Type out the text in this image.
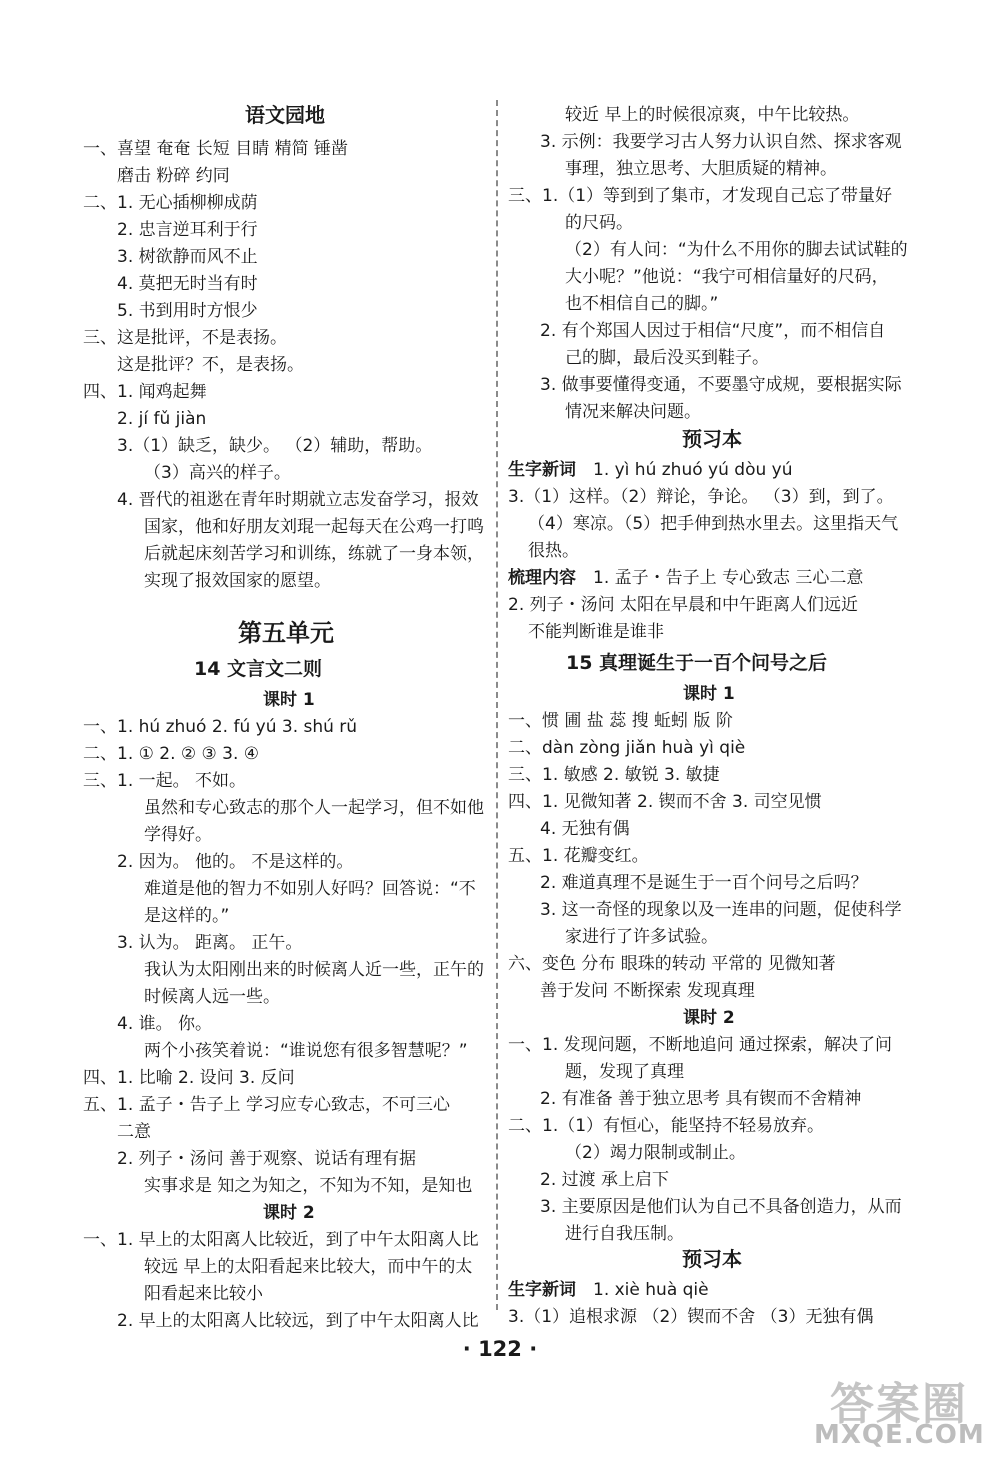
语文园地
一、喜望 奄奄 长短 目睛 精简 锤凿
磨击 粉碎 约同
二、1. 无心插柳柳成荫
2. 忠言逆耳利于行
3. 树欲静而风不止
4. 莫把无时当有时
5. 书到用时方恨少
三、这是批评，不是表扬。
这是批评？不，是表扬。
四、1. 闻鸡起舞
2. jí fǔ jiàn
3.（1）缺乏，缺少。 （2）辅助，帮助。
（3）高兴的样子。
4. 晋代的祖逖在青年时期就立志发奋学习，报效
国家，他和好朋友刘琨一起每天在公鸡一打鸣
后就起床刻苦学习和训练，练就了一身本领，
实现了报效国家的愿望。
第五单元
14 文言文二则
课时 1
一、1. hú zhuó 2. fú yú 3. shú rǔ
二、1. ① 2. ② ③ 3. ④
三、1. 一起。 不如。
虽然和专心致志的那个人一起学习，但不如他
学得好。
2. 因为。 他的。 不是这样的。
难道是他的智力不如别人好吗？回答说：“不
是这样的。”
3. 认为。 距离。 正午。
我认为太阳刚出来的时候离人近一些，正午的
时候离人远一些。
4. 谁。 你。
两个小孩笑着说：“谁说您有很多智慧呢？”
四、1. 比喻 2. 设问 3. 反问
五、1. 孟子・告子上 学习应专心致志，不可三心
二意
2. 列子・汤问 善于观察、说话有理有据
实事求是 知之为知之，不知为不知，是知也
课时 2
一、1. 早上的太阳离人比较近，到了中午太阳离人比
较远 早上的太阳看起来比较大，而中午的太
阳看起来比较小
2. 早上的太阳离人比较远，到了中午太阳离人比
较近 早上的时候很凉爽，中午比较热。
3. 示例：我要学习古人努力认识自然、探求客观
事理，独立思考、大胆质疑的精神。
三、1.（1）等到到了集市，才发现自己忘了带量好
的尺码。
（2）有人问：“为什么不用你的脚去试试鞋的
大小呢？”他说：“我宁可相信量好的尺码，
也不相信自己的脚。”
2. 有个郑国人因过于相信“尺度”，而不相信自
己的脚，最后没买到鞋子。
3. 做事要懂得变通，不要墨守成规，要根据实际
情况来解决问题。
预习本
生字新词 1. yì hú zhuó yú dòu yú
3.（1）这样。（2）辩论，争论。 （3）到，到了。
（4）寒凉。（5）把手伸到热水里去。这里指天气
很热。
梳理内容 1. 孟子・告子上 专心致志 三心二意
2. 列子・汤问 太阳在早晨和中午距离人们远近
不能判断谁是谁非
15 真理诞生于一百个问号之后
课时 1
一、惯 圃 盐 蕊 搜 蚯蚓 版 阶
二、dàn zòng jiǎn huà yì qiè
三、1. 敏感 2. 敏锐 3. 敏捷
四、1. 见微知著 2. 锲而不舍 3. 司空见惯
4. 无独有偶
五、1. 花瓣变红。
2. 难道真理不是诞生于一百个问号之后吗？
3. 这一奇怪的现象以及一连串的问题，促使科学
家进行了许多试验。
六、变色 分布 眼珠的转动 平常的 见微知著
善于发问 不断探索 发现真理
课时 2
一、1. 发现问题，不断地追问 通过探索，解决了问
题，发现了真理
2. 有准备 善于独立思考 具有锲而不舍精神
二、1.（1）有恒心，能坚持不轻易放弃。
（2）竭力限制或制止。
2. 过渡 承上启下
3. 主要原因是他们认为自己不具备创造力，从而
进行自我压制。
预习本
生字新词 1. xiè huà qiè
3.（1）追根求源 （2）锲而不舍 （3）无独有偶
· 122 ·
答案圈
MXQE.COM
